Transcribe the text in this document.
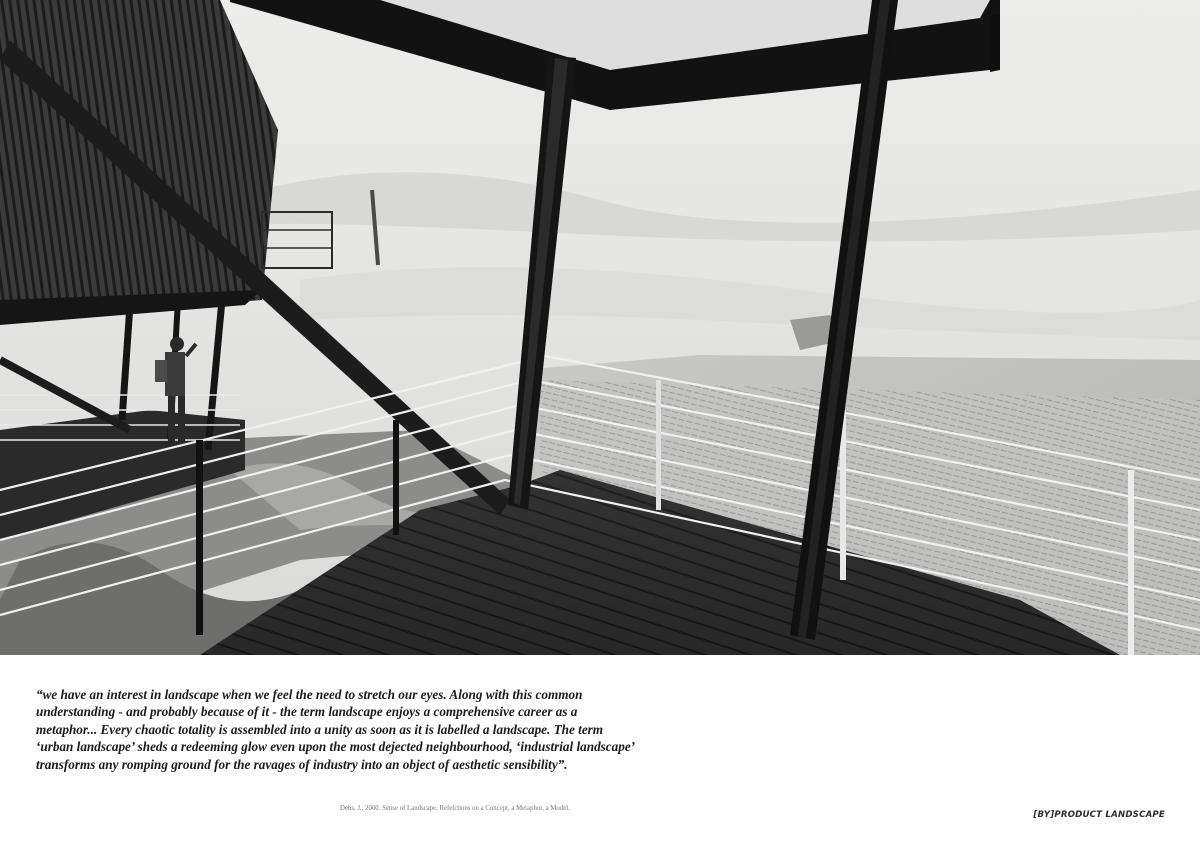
“we have an interest in landscape when we feel the need to stretch our eyes. Along with this common understanding - and probably because of it - the term landscape enjoys a comprehensive career as a metaphor... Every chaotic totality is assembled into a unity as soon as it is labelled a landscape. The term ‘urban landscape’ sheds a redeeming glow even upon the most dejected neighbourhood, ‘industrial landscape’ transforms any romping ground for the ravages of industry into an object of aesthetic sensibility”.

Debs, J., 2000. Sense of Landscape, Refelctions on a Concept, a Metaphor, a Model.
[BY]PRODUCT LANDSCAPE
